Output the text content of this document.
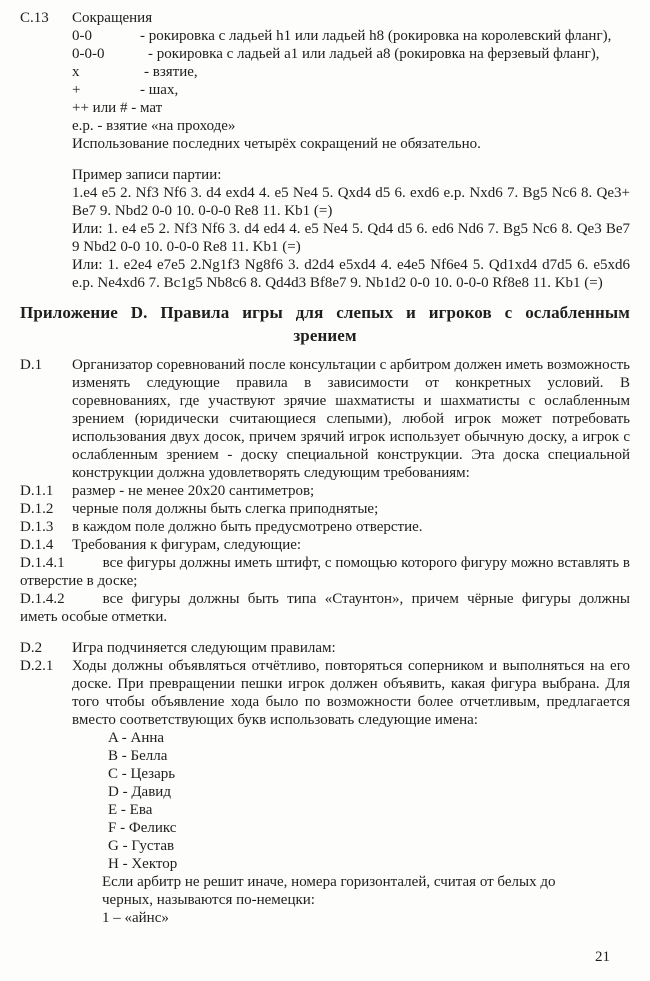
C.13	Сокращения
0-0	- рокировка с ладьей h1 или ладьей h8 (рокировка на королевский фланг),
0-0-0	- рокировка с ладьей a1 или ладьей a8 (рокировка на ферзевый фланг),
x	- взятие,
+	- шах,
++ или # - мат
e.p. - взятие «на проходе»
Использование последних четырёх сокращений не обязательно.
Пример записи партии:

1.e4 e5 2. Nf3 Nf6 3. d4 exd4 4. e5 Ne4 5. Qxd4 d5 6. exd6 e.p. Nxd6 7. Bg5 Nc6 8. Qe3+ Be7 9. Nbd2 0-0 10. 0-0-0 Re8 11. Kb1 (=)

Или: 1. e4 e5 2. Nf3 Nf6 3. d4 ed4 4. e5 Ne4 5. Qd4 d5 6. ed6 Nd6 7. Bg5 Nc6 8. Qe3 Be7 9 Nbd2 0-0 10. 0-0-0 Re8 11. Kb1 (=)

Или: 1. e2e4 e7e5 2.Ng1f3 Ng8f6 3. d2d4 e5xd4 4. e4e5 Nf6e4 5. Qd1xd4 d7d5 6. e5xd6 e.p. Ne4xd6 7. Bc1g5 Nb8c6 8. Qd4d3 Bf8e7 9. Nb1d2 0-0 10. 0-0-0 Rf8e8 11. Kb1 (=)

Приложение D. Правила игры для слепых и игроков с ослабленным
зрением
D.1	Организатор соревнований после консультации с арбитром должен иметь возможность изменять следующие правила в зависимости от конкретных условий. В соревнованиях, где участвуют зрячие шахматисты и шахматисты с ослабленным зрением (юридически считающиеся слепыми), любой игрок может потребовать использования двух досок, причем зрячий игрок использует обычную доску, а игрок с ослабленным зрением - доску специальной конструкции. Эта доска специальной конструкции должна удовлетворять следующим требованиям:
D.1.1	размер - не менее 20x20 сантиметров;
D.1.2	черные поля должны быть слегка приподнятые;
D.1.3	в каждом поле должно быть предусмотрено отверстие.
D.1.4	Требования к фигурам, следующие:

D.1.4.1	все фигуры должны иметь штифт, с помощью которого фигуру можно вставлять в отверстие в доске;

D.1.4.2	все фигуры должны быть типа «Стаунтон», причем чёрные фигуры должны иметь особые отметки.

D.2	Игра подчиняется следующим правилам:
D.2.1	Ходы должны объявляться отчётливо, повторяться соперником и выполняться на его доске. При превращении пешки игрок должен объявить, какая фигура выбрана. Для того чтобы объявление хода было по возможности более отчетливым, предлагается вместо соответствующих букв использовать следующие имена:
A - Анна
B - Белла
C - Цезарь
D - Давид
E - Ева
F - Феликс
G - Густав
H - Хектор
Если арбитр не решит иначе, номера горизонталей, считая от белых до
черных, называются по-немецки:
1 – «айнс»
21
